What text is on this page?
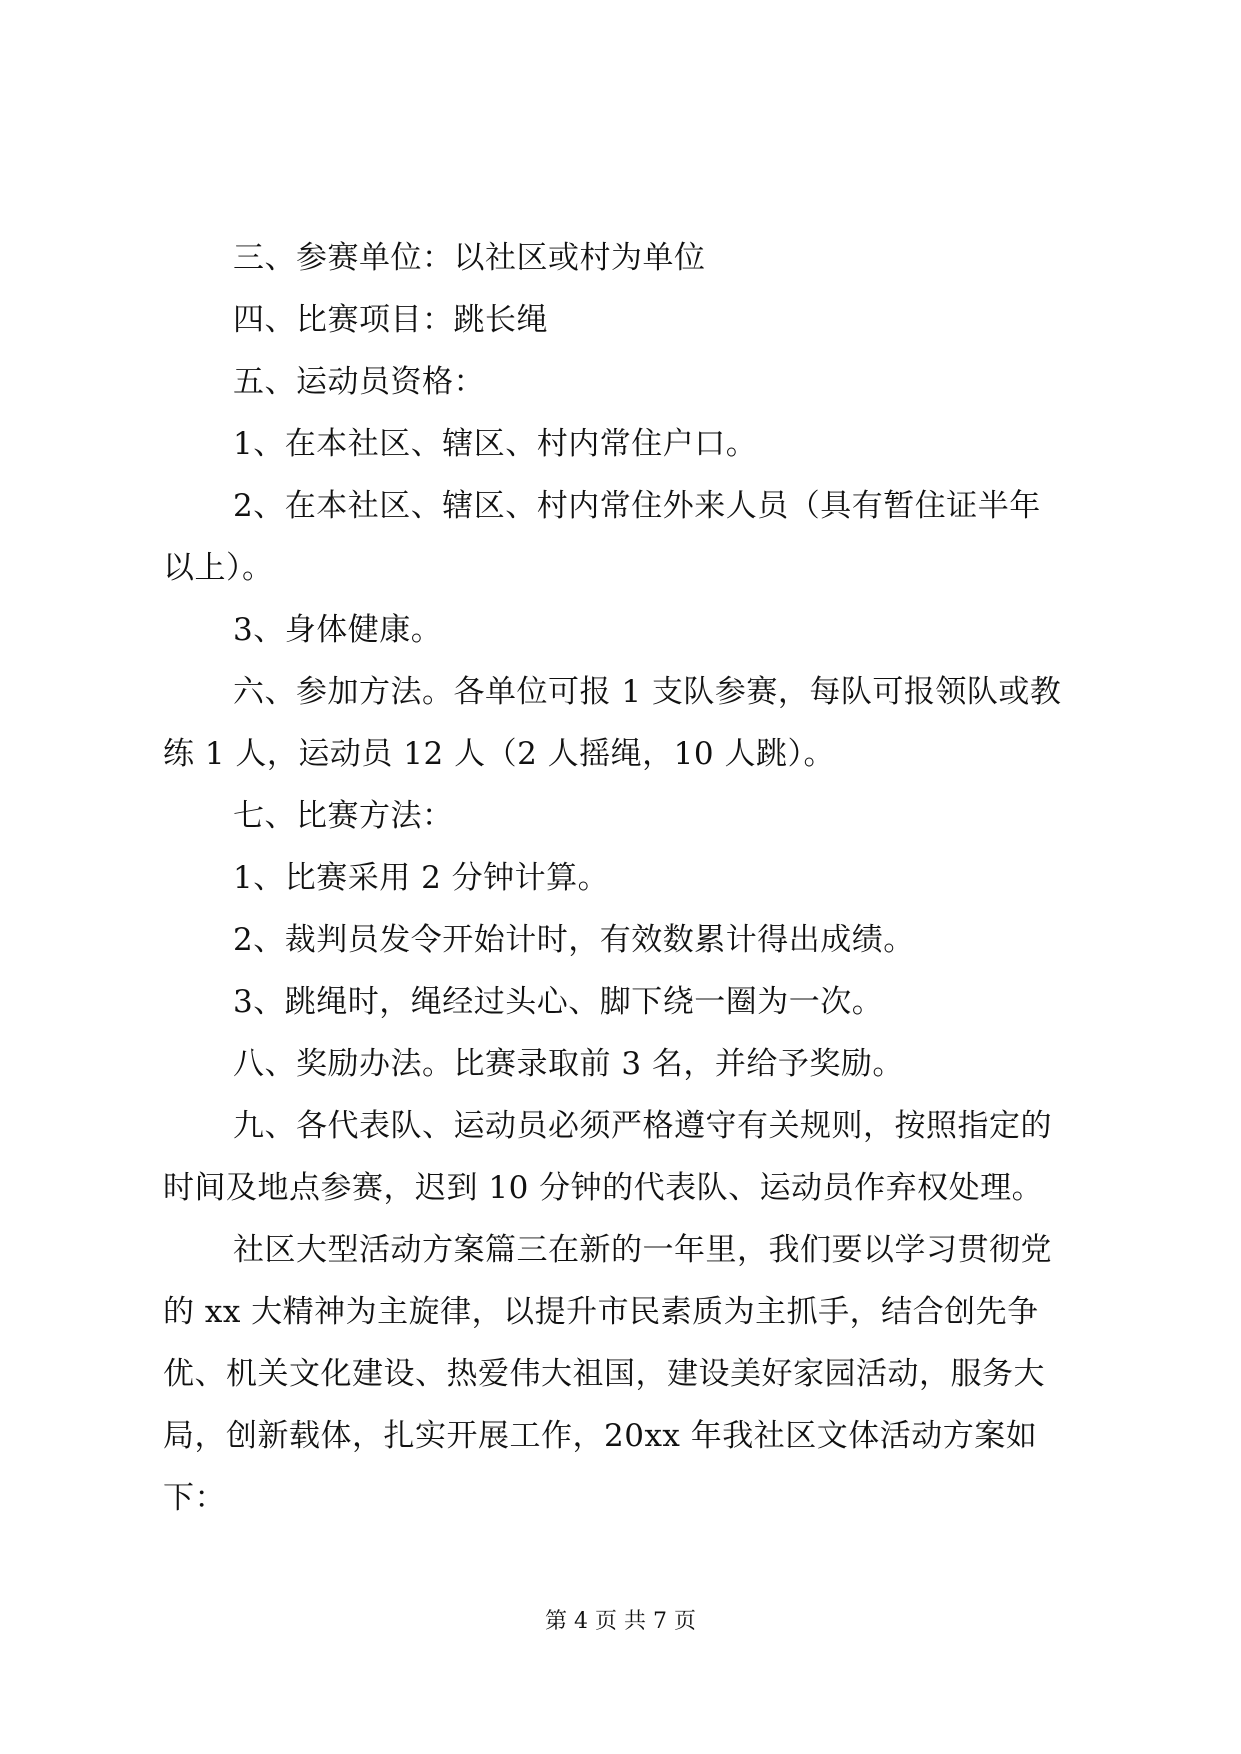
三、参赛单位：以社区或村为单位
四、比赛项目：跳长绳
五、运动员资格：
1、在本社区、辖区、村内常住户口。
2、在本社区、辖区、村内常住外来人员（具有暂住证半年
以上）。
3、身体健康。
六、参加方法。各单位可报 1 支队参赛，每队可报领队或教
练 1 人，运动员 12 人（2 人摇绳，10 人跳）。
七、比赛方法：
1、比赛采用 2 分钟计算。
2、裁判员发令开始计时，有效数累计得出成绩。
3、跳绳时，绳经过头心、脚下绕一圈为一次。
八、奖励办法。比赛录取前 3 名，并给予奖励。
九、各代表队、运动员必须严格遵守有关规则，按照指定的
时间及地点参赛，迟到 10 分钟的代表队、运动员作弃权处理。
社区大型活动方案篇三在新的一年里，我们要以学习贯彻党
的 xx 大精神为主旋律，以提升市民素质为主抓手，结合创先争
优、机关文化建设、热爱伟大祖国，建设美好家园活动，服务大
局，创新载体，扎实开展工作，20xx 年我社区文体活动方案如
下：
第 4 页 共 7 页
